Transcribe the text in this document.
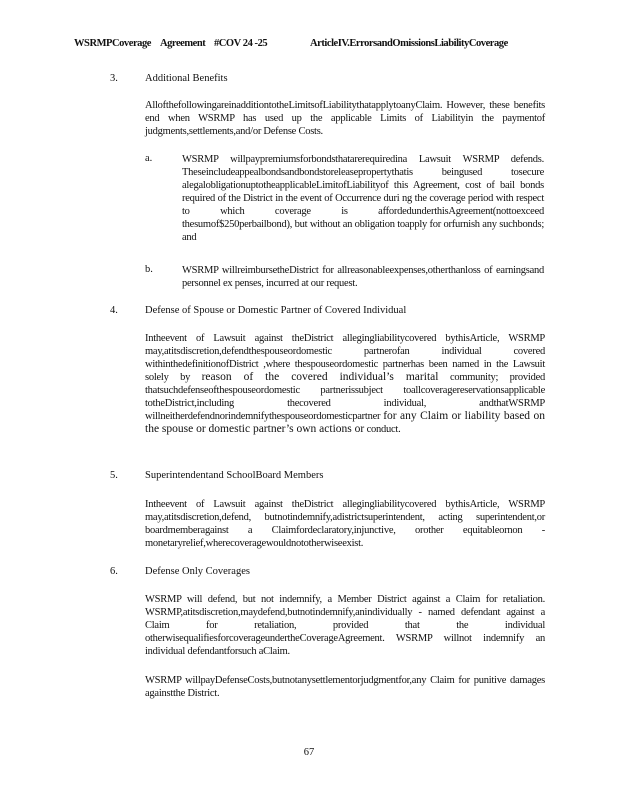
WSRMPCoverage Agreement #COV 24 -25	ArticleIV.ErrorsandOmissionsLiabilityCoverage
3.	Additional Benefits
AllofthefollowingareinadditiontotheLimitsofLiabilitythatapplytoanyClaim. However, these benefits end when WSRMP has used up the applicable Limits of Liabilityin the paymentof judgments,settlements,and/or Defense Costs.
a.	WSRMP willpaypremiumsforbondsthatarerequiredina Lawsuit WSRMP defends. Theseincludeappealbondsandbondstoreleasepropertythatis beingused tosecure alegalobligationuptotheapplicableLimitofLiabilityof this Agreement, cost of bail bonds required of the District in the event of Occurrence duri ng the coverage period with respect to which coverage is affordedunderthisAgreement(nottoexceed thesumof$250perbailbond), but without an obligation toapply for orfurnish any suchbonds; and
b.	WSRMP willreimbursetheDistrict for allreasonableexpenses,otherthanloss of earningsand personnel ex penses, incurred at our request.
4.	Defense of Spouse or Domestic Partner of Covered Individual
Intheevent of Lawsuit against theDistrict allegingliabilitycovered bythisArticle, WSRMP may,atitsdiscretion,defendthespouseordomestic partnerofan individual covered withinthedefinitionofDistrict ,where thespouseordomestic partnerhas been named in the Lawsuit solely by reason of the covered individual’s marital community; provided thatsuchdefenseofthespouseordomestic partnerissubject toallcoveragereservationsapplicable totheDistrict,including thecovered individual, andthatWSRMP willneitherdefendnorindemnifythespouseordomesticpartner for any Claim or liability based on the spouse or domestic partner’s own actions or conduct.
5.	Superintendentand SchoolBoard Members
Intheevent of Lawsuit against theDistrict allegingliabilitycovered bythisArticle, WSRMP may,atitsdiscretion,defend, butnotindemnify,adistrictsuperintendent, acting superintendent,or boardmemberagainst a Claimfordeclaratory,injunctive, orother equitableornon -monetaryrelief,wherecoveragewouldnototherwiseexist.
6.	Defense Only Coverages
WSRMP will defend, but not indemnify, a Member District against a Claim for retaliation. WSRMP,atitsdiscretion,maydefend,butnotindemnify,anindividually - named defendant against a Claim for retaliation, provided that the individual otherwisequalifiesforcoverageundertheCoverageAgreement. WSRMP willnot indemnify an individual defendantforsuch aClaim.
WSRMP willpayDefenseCosts,butnotanysettlementorjudgmentfor,any Claim for punitive damages againstthe District.
67
